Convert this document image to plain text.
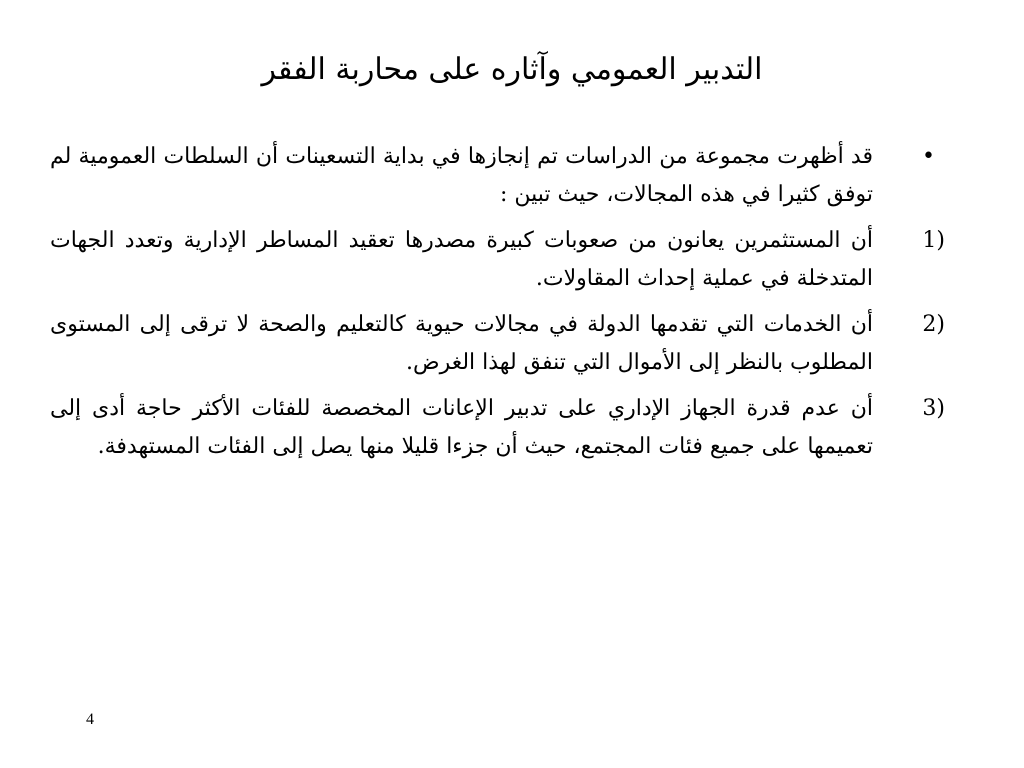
التدبير العمومي وآثاره على محاربة الفقر
•
قد أظهرت مجموعة من الدراسات تم إنجازها في بداية التسعينات أن السلطات العمومية لم توفق كثيرا في هذه المجالات، حيث تبين :
(1
أن المستثمرين يعانون من صعوبات كبيرة مصدرها تعقيد المساطر الإدارية وتعدد الجهات المتدخلة في عملية إحداث المقاولات.
(2
أن الخدمات التي تقدمها الدولة في مجالات حيوية كالتعليم والصحة لا ترقى إلى المستوى المطلوب بالنظر إلى الأموال التي تنفق لهذا الغرض.
(3
أن عدم قدرة الجهاز الإداري على تدبير الإعانات المخصصة للفئات الأكثر حاجة أدى إلى تعميمها على جميع فئات المجتمع، حيث أن جزءا قليلا منها يصل إلى الفئات المستهدفة.
4
